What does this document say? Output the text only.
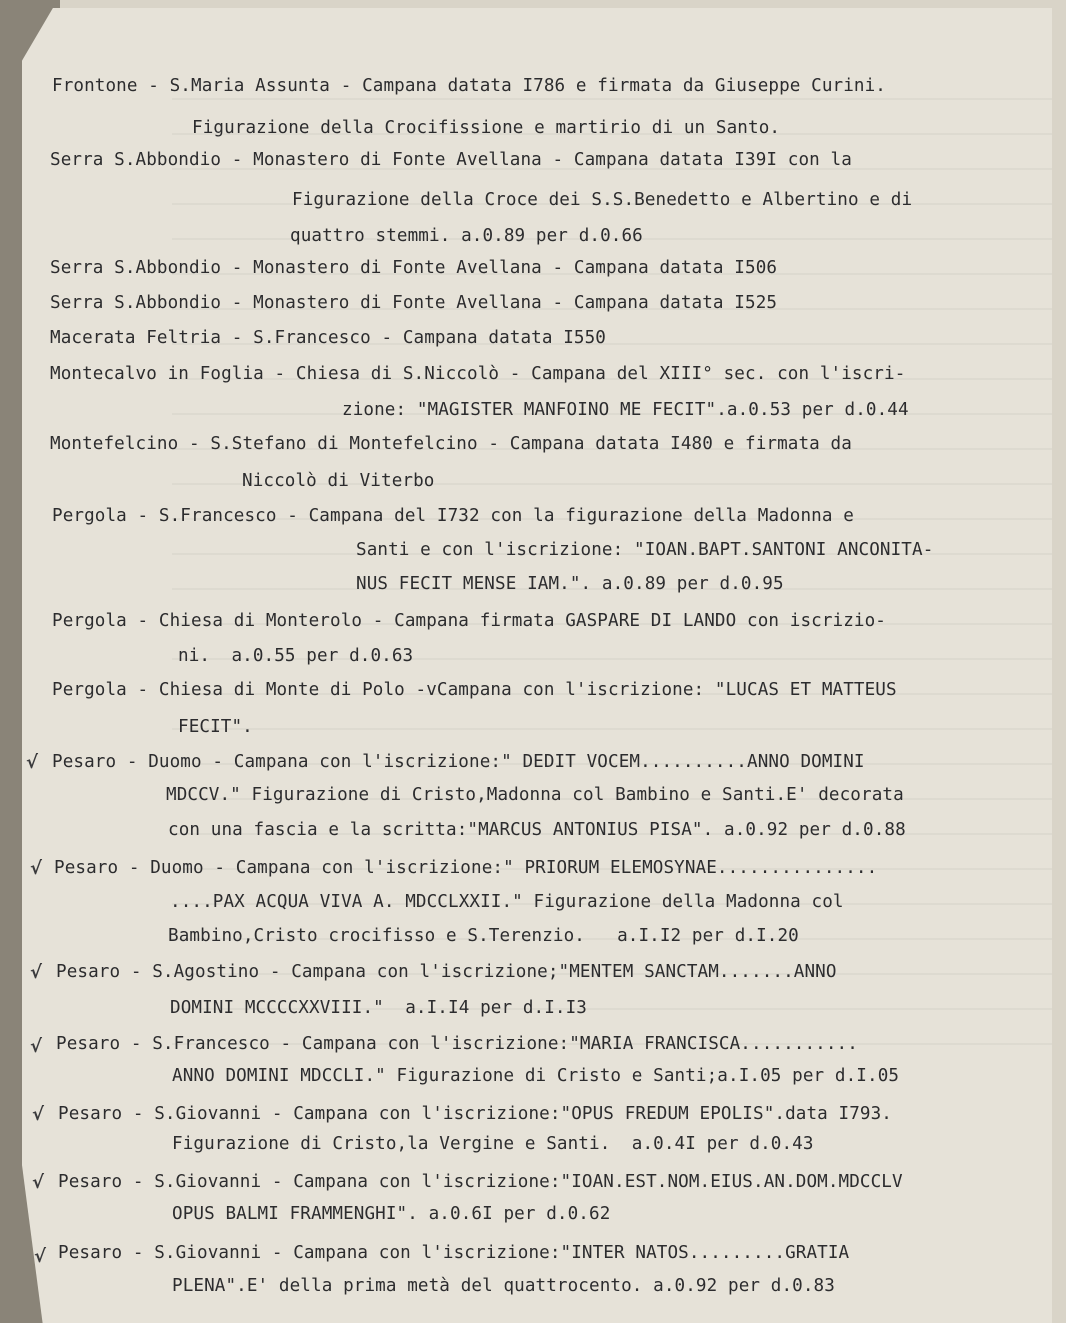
Frontone - S.Maria Assunta - Campana datata I786 e firmata da Giuseppe Curini.
Figurazione della Crocifissione e martirio di un Santo.
Serra S.Abbondio - Monastero di Fonte Avellana - Campana datata I39I con la
Figurazione della Croce dei S.S.Benedetto e Albertino e di
quattro stemmi. a.0.89 per d.0.66
Serra S.Abbondio - Monastero di Fonte Avellana - Campana datata I506
Serra S.Abbondio - Monastero di Fonte Avellana - Campana datata I525
Macerata Feltria - S.Francesco - Campana datata I550
Montecalvo in Foglia - Chiesa di S.Niccolò - Campana del XIII° sec. con l'iscri-
zione: "MAGISTER MANFOINO ME FECIT".a.0.53 per d.0.44
Montefelcino - S.Stefano di Montefelcino - Campana datata I480 e firmata da
Niccolò di Viterbo
Pergola - S.Francesco - Campana del I732 con la figurazione della Madonna e
Santi e con l'iscrizione: "IOAN.BAPT.SANTONI ANCONITA-
NUS FECIT MENSE IAM.". a.0.89 per d.0.95
Pergola - Chiesa di Monterolo - Campana firmata GASPARE DI LANDO con iscrizio-
ni.  a.0.55 per d.0.63
Pergola - Chiesa di Monte di Polo -vCampana con l'iscrizione: "LUCAS ET MATTEUS
FECIT".
√ Pesaro - Duomo - Campana con l'iscrizione:" DEDIT VOCEM..........ANNO DOMINI
MDCCV." Figurazione di Cristo,Madonna col Bambino e Santi.E' decorata
con una fascia e la scritta:"MARCUS ANTONIUS PISA". a.0.92 per d.0.88
√ Pesaro - Duomo - Campana con l'iscrizione:" PRIORUM ELEMOSYNAE...............
....PAX ACQUA VIVA A. MDCCLXXII." Figurazione della Madonna col
Bambino,Cristo crocifisso e S.Terenzio.   a.I.I2 per d.I.20
√ Pesaro - S.Agostino - Campana con l'iscrizione;"MENTEM SANCTAM.......ANNO
DOMINI MCCCCXXVIII."  a.I.I4 per d.I.I3
√ Pesaro - S.Francesco - Campana con l'iscrizione:"MARIA FRANCISCA...........
ANNO DOMINI MDCCLI." Figurazione di Cristo e Santi;a.I.05 per d.I.05
√ Pesaro - S.Giovanni - Campana con l'iscrizione:"OPUS FREDUM EPOLIS".data I793.
Figurazione di Cristo,la Vergine e Santi.  a.0.4I per d.0.43
√ Pesaro - S.Giovanni - Campana con l'iscrizione:"IOAN.EST.NOM.EIUS.AN.DOM.MDCCLV
OPUS BALMI FRAMMENGHI". a.0.6I per d.0.62
√ Pesaro - S.Giovanni - Campana con l'iscrizione:"INTER NATOS.........GRATIA
PLENA".E' della prima metà del quattrocento. a.0.92 per d.0.83
